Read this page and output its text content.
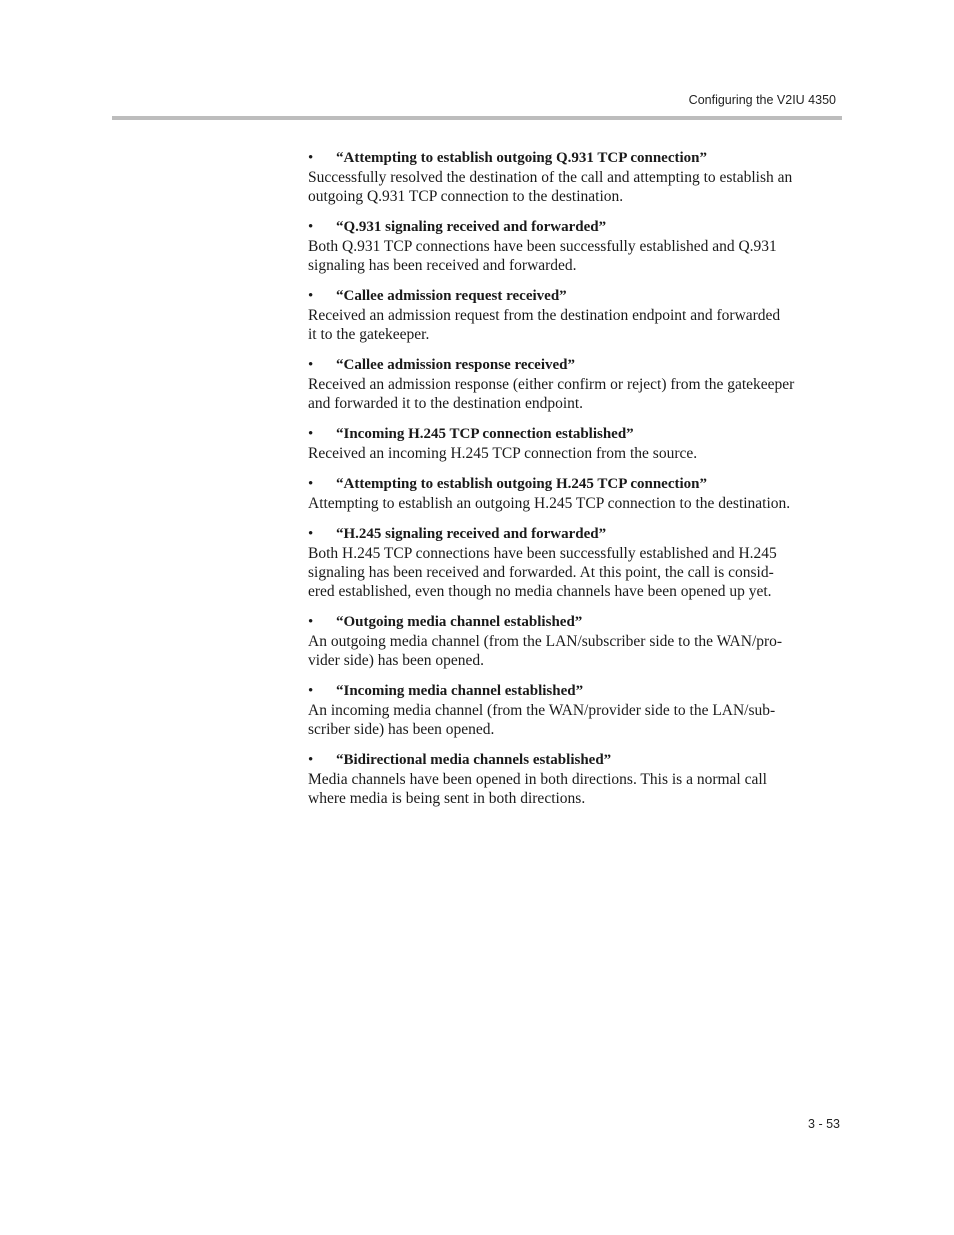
Configuring the V2IU 4350
•	“Attempting to establish outgoing Q.931 TCP connection”
Successfully resolved the destination of the call and attempting to establish an
outgoing Q.931 TCP connection to the destination.
•	“Q.931 signaling received and forwarded”
Both Q.931 TCP connections have been successfully established and Q.931
signaling has been received and forwarded.
•	“Callee admission request received”
Received an admission request from the destination endpoint and forwarded
it to the gatekeeper.
•	“Callee admission response received”
Received an admission response (either confirm or reject) from the gatekeeper
and forwarded it to the destination endpoint.
•	“Incoming H.245 TCP connection established”
Received an incoming H.245 TCP connection from the source.
•	“Attempting to establish outgoing H.245 TCP connection”
Attempting to establish an outgoing H.245 TCP connection to the destination.
•	“H.245 signaling received and forwarded”
Both H.245 TCP connections have been successfully established and H.245
signaling has been received and forwarded. At this point, the call is consid-
ered established, even though no media channels have been opened up yet.
•	“Outgoing media channel established”
An outgoing media channel (from the LAN/subscriber side to the WAN/pro-
vider side) has been opened.
•	“Incoming media channel established”
An incoming media channel (from the WAN/provider side to the LAN/sub-
scriber side) has been opened.
•	“Bidirectional media channels established”
Media channels have been opened in both directions. This is a normal call
where media is being sent in both directions.
3 - 53
